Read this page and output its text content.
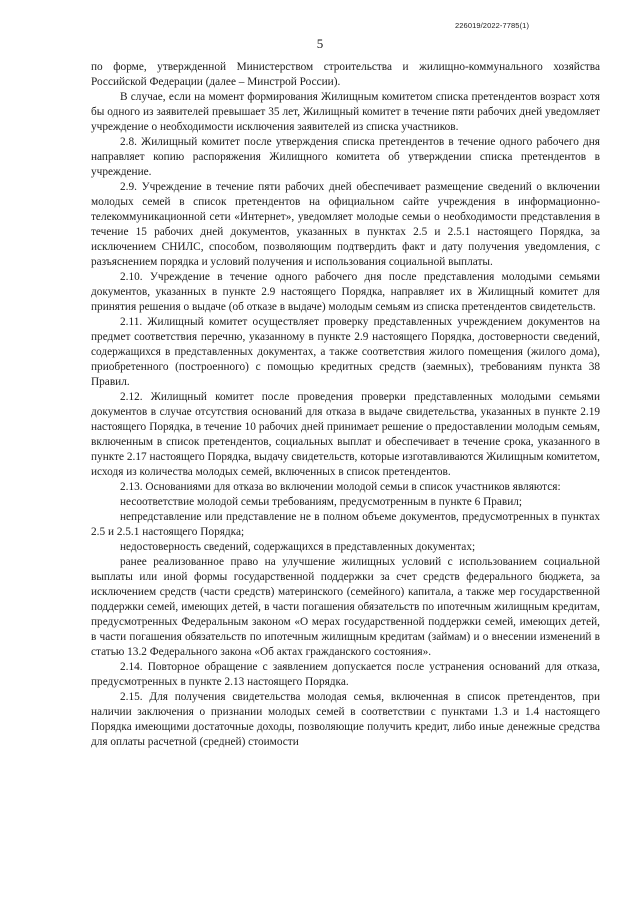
226019/2022-7785(1)
5

по форме, утвержденной Министерством строительства и жилищно-коммунального хозяйства Российской Федерации (далее – Минстрой России).

В случае, если на момент формирования Жилищным комитетом списка претендентов возраст хотя бы одного из заявителей превышает 35 лет, Жилищный комитет в течение пяти рабочих дней уведомляет учреждение о необходимости исключения заявителей из списка участников.

2.8. Жилищный комитет после утверждения списка претендентов в течение одного рабочего дня направляет копию распоряжения Жилищного комитета об утверждении списка претендентов в учреждение.

2.9. Учреждение в течение пяти рабочих дней обеспечивает размещение сведений о включении молодых семей в список претендентов на официальном сайте учреждения в информационно-телекоммуникационной сети «Интернет», уведомляет молодые семьи о необходимости представления в течение 15 рабочих дней документов, указанных в пунктах 2.5 и 2.5.1 настоящего Порядка, за исключением СНИЛС, способом, позволяющим подтвердить факт и дату получения уведомления, с разъяснением порядка и условий получения и использования социальной выплаты.

2.10. Учреждение в течение одного рабочего дня после представления молодыми семьями документов, указанных в пункте 2.9 настоящего Порядка, направляет их в Жилищный комитет для принятия решения о выдаче (об отказе в выдаче) молодым семьям из списка претендентов свидетельств.

2.11. Жилищный комитет осуществляет проверку представленных учреждением документов на предмет соответствия перечню, указанному в пункте 2.9 настоящего Порядка, достоверности сведений, содержащихся в представленных документах, а также соответствия жилого помещения (жилого дома), приобретенного (построенного) с помощью кредитных средств (заемных), требованиям пункта 38 Правил.

2.12. Жилищный комитет после проведения проверки представленных молодыми семьями документов в случае отсутствия оснований для отказа в выдаче свидетельства, указанных в пункте 2.19 настоящего Порядка, в течение 10 рабочих дней принимает решение о предоставлении молодым семьям, включенным в список претендентов, социальных выплат и обеспечивает в течение срока, указанного в пункте 2.17 настоящего Порядка, выдачу свидетельств, которые изготавливаются Жилищным комитетом, исходя из количества молодых семей, включенных в список претендентов.

2.13. Основаниями для отказа во включении молодой семьи в список участников являются:

несоответствие молодой семьи требованиям, предусмотренным в пункте 6 Правил;

непредставление или представление не в полном объеме документов, предусмотренных в пунктах 2.5 и 2.5.1 настоящего Порядка;

недостоверность сведений, содержащихся в представленных документах;

ранее реализованное право на улучшение жилищных условий с использованием социальной выплаты или иной формы государственной поддержки за счет средств федерального бюджета, за исключением средств (части средств) материнского (семейного) капитала, а также мер государственной поддержки семей, имеющих детей, в части погашения обязательств по ипотечным жилищным кредитам, предусмотренных Федеральным законом «О мерах государственной поддержки семей, имеющих детей, в части погашения обязательств по ипотечным жилищным кредитам (займам) и о внесении изменений в статью 13.2 Федерального закона «Об актах гражданского состояния».

2.14. Повторное обращение с заявлением допускается после устранения оснований для отказа, предусмотренных в пункте 2.13 настоящего Порядка.

2.15. Для получения свидетельства молодая семья, включенная в список претендентов, при наличии заключения о признании молодых семей в соответствии с пунктами 1.3 и 1.4 настоящего Порядка имеющими достаточные доходы, позволяющие получить кредит, либо иные денежные средства для оплаты расчетной (средней) стоимости
